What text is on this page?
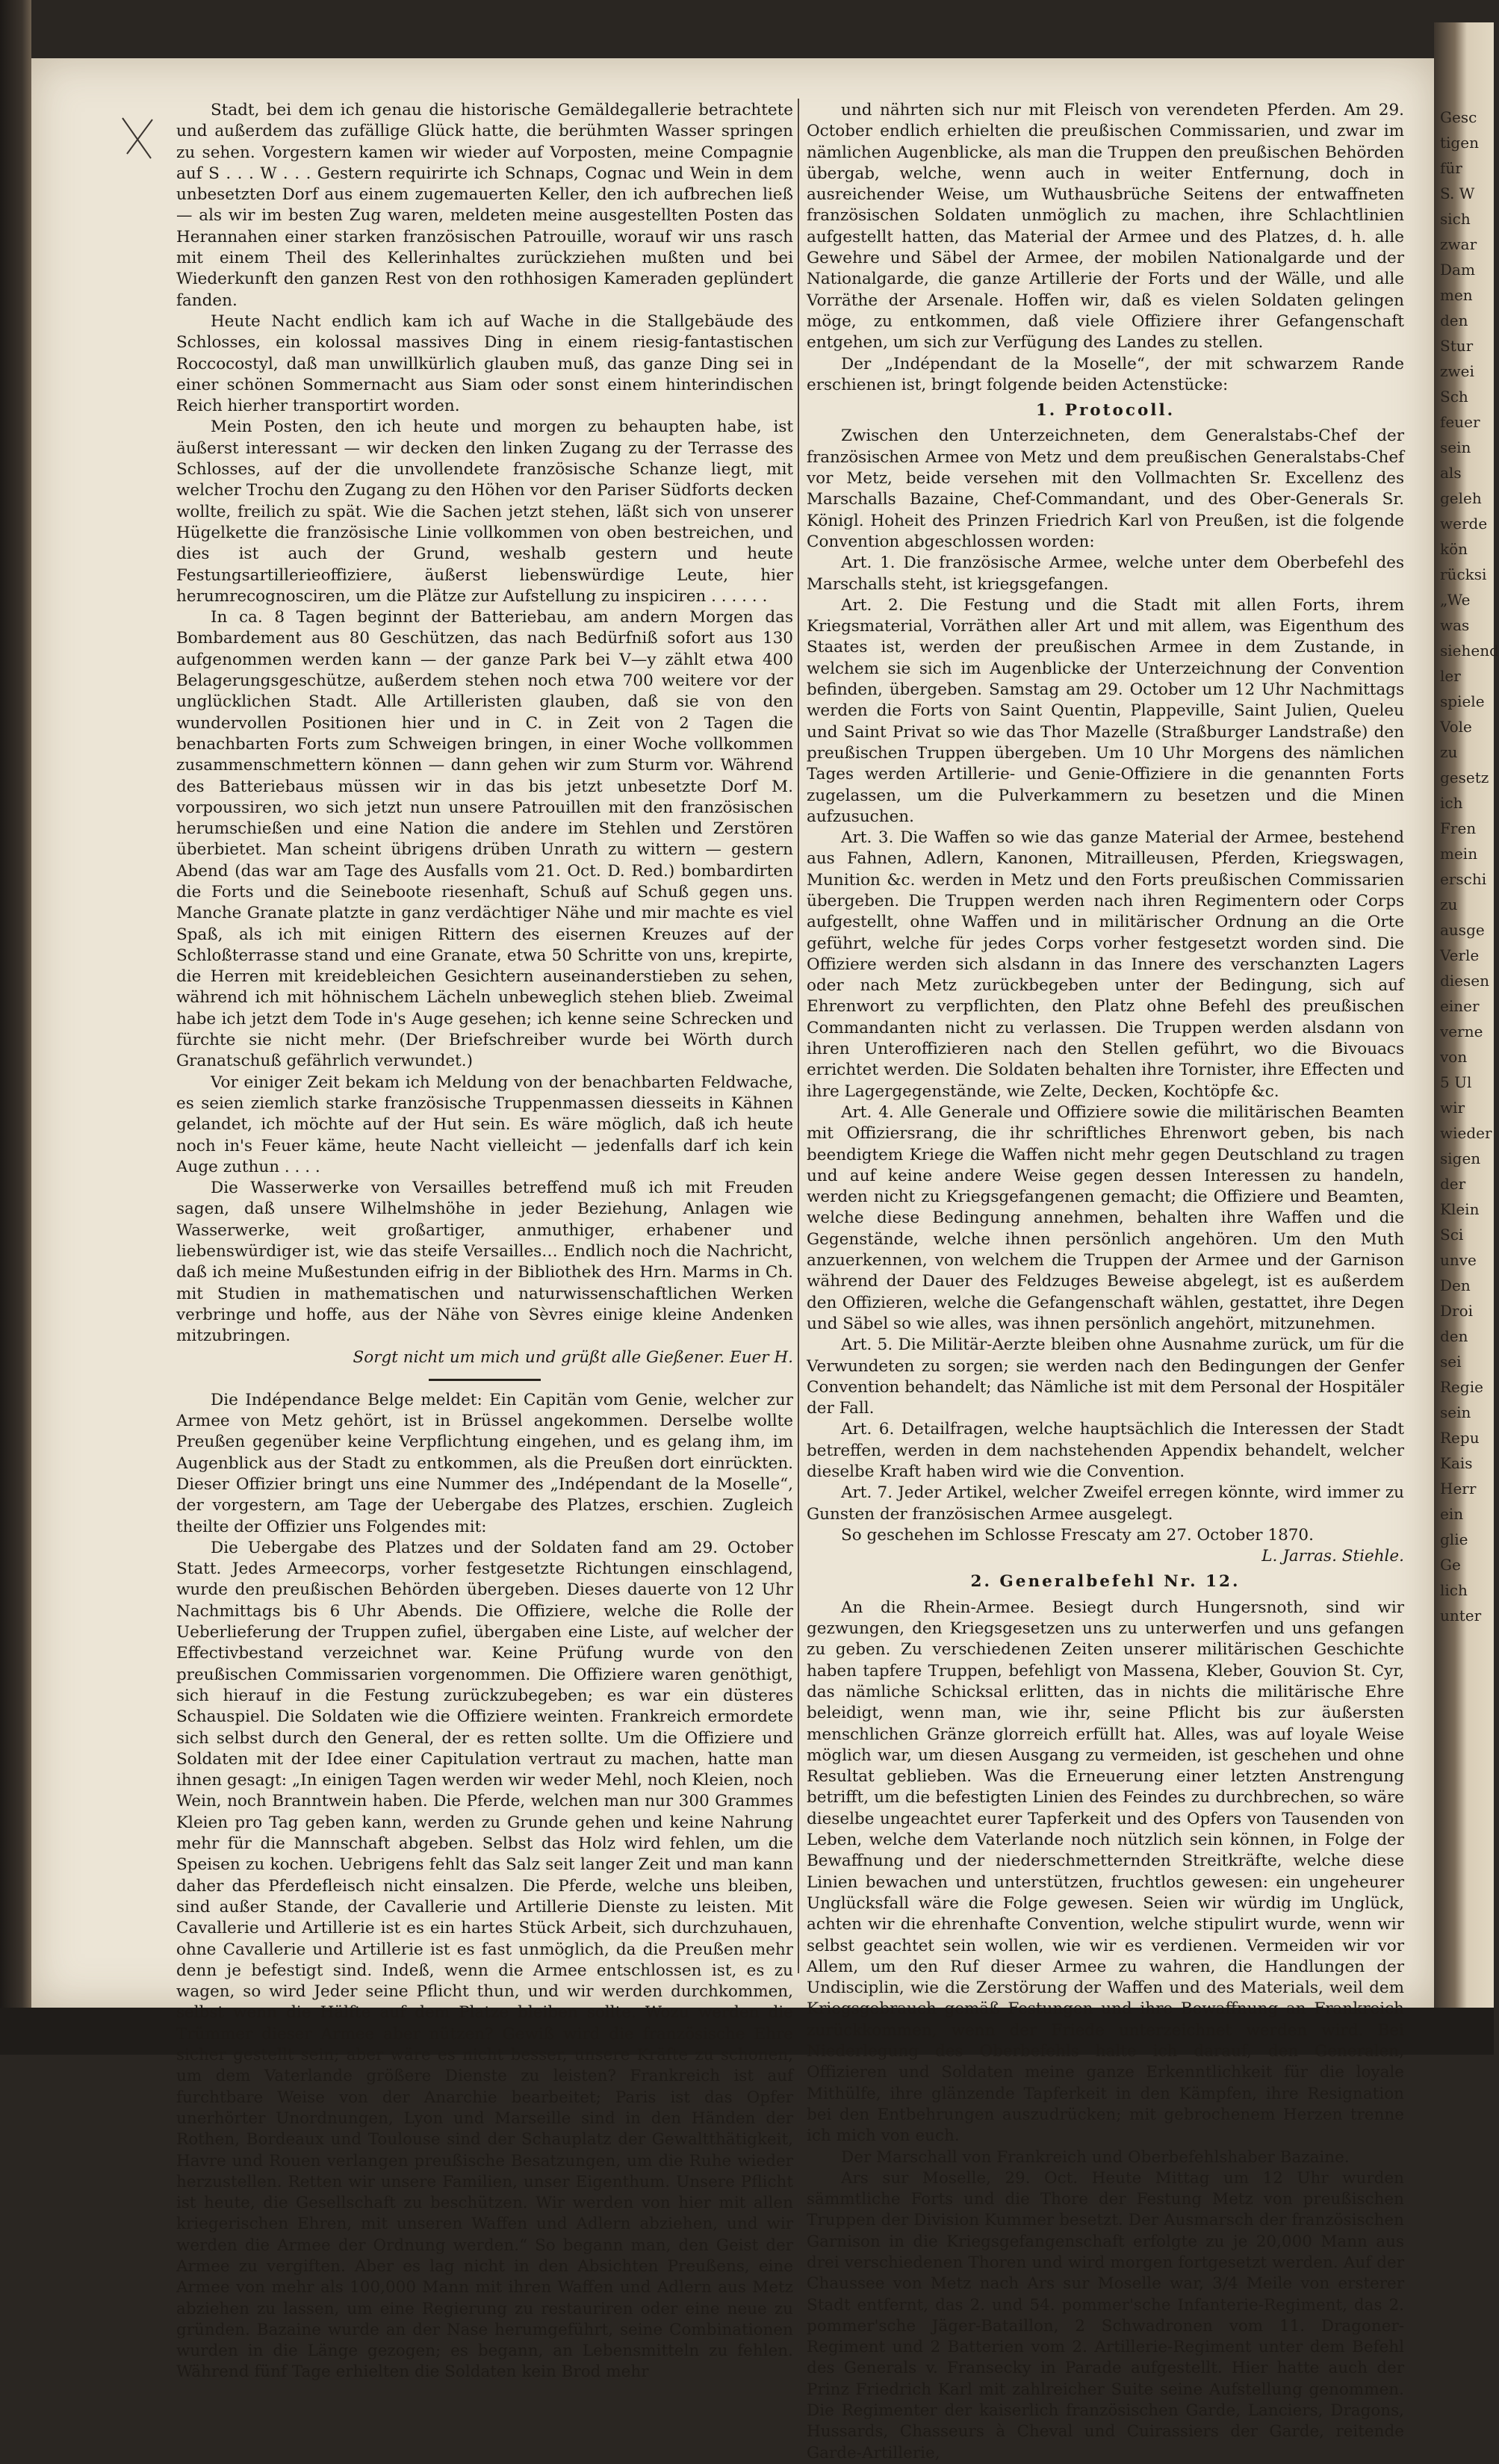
Stadt, bei dem ich genau die historische Gemäldegallerie betrachtete und außerdem das zufällige Glück hatte, die berühmten Wasser springen zu sehen. Vorgestern kamen wir wieder auf Vorposten, meine Compagnie auf S . . . W . . . Gestern requirirte ich Schnaps, Cognac und Wein in dem unbesetzten Dorf aus einem zugemauerten Keller, den ich aufbrechen ließ — als wir im besten Zug waren, meldeten meine ausgestellten Posten das Herannahen einer starken französischen Patrouille, worauf wir uns rasch mit einem Theil des Kellerinhaltes zurückziehen mußten und bei Wiederkunft den ganzen Rest von den rothhosigen Kameraden geplündert fanden.

Heute Nacht endlich kam ich auf Wache in die Stallgebäude des Schlosses, ein kolossal massives Ding in einem riesig-fantastischen Roccocostyl, daß man unwillkürlich glauben muß, das ganze Ding sei in einer schönen Sommernacht aus Siam oder sonst einem hinterindischen Reich hierher transportirt worden.

Mein Posten, den ich heute und morgen zu behaupten habe, ist äußerst interessant — wir decken den linken Zugang zu der Terrasse des Schlosses, auf der die unvollendete französische Schanze liegt, mit welcher Trochu den Zugang zu den Höhen vor den Pariser Südforts decken wollte, freilich zu spät. Wie die Sachen jetzt stehen, läßt sich von unserer Hügelkette die französische Linie vollkommen von oben bestreichen, und dies ist auch der Grund, weshalb gestern und heute Festungsartillerieoffiziere, äußerst liebenswürdige Leute, hier herumrecognosciren, um die Plätze zur Aufstellung zu inspiciren . . . . . .

In ca. 8 Tagen beginnt der Batteriebau, am andern Morgen das Bombardement aus 80 Geschützen, das nach Bedürfniß sofort aus 130 aufgenommen werden kann — der ganze Park bei V—y zählt etwa 400 Belagerungsgeschütze, außerdem stehen noch etwa 700 weitere vor der unglücklichen Stadt. Alle Artilleristen glauben, daß sie von den wundervollen Positionen hier und in C. in Zeit von 2 Tagen die benachbarten Forts zum Schweigen bringen, in einer Woche vollkommen zusammenschmettern können — dann gehen wir zum Sturm vor. Während des Batteriebaus müssen wir in das bis jetzt unbesetzte Dorf M. vorpoussiren, wo sich jetzt nun unsere Patrouillen mit den französischen herumschießen und eine Nation die andere im Stehlen und Zerstören überbietet. Man scheint übrigens drüben Unrath zu wittern — gestern Abend (das war am Tage des Ausfalls vom 21. Oct. D. Red.) bombardirten die Forts und die Seineboote riesenhaft, Schuß auf Schuß gegen uns. Manche Granate platzte in ganz verdächtiger Nähe und mir machte es viel Spaß, als ich mit einigen Rittern des eisernen Kreuzes auf der Schloßterrasse stand und eine Granate, etwa 50 Schritte von uns, krepirte, die Herren mit kreidebleichen Gesichtern auseinanderstieben zu sehen, während ich mit höhnischem Lächeln unbeweglich stehen blieb. Zweimal habe ich jetzt dem Tode in's Auge gesehen; ich kenne seine Schrecken und fürchte sie nicht mehr. (Der Briefschreiber wurde bei Wörth durch Granatschuß gefährlich verwundet.)

Vor einiger Zeit bekam ich Meldung von der benachbarten Feldwache, es seien ziemlich starke französische Truppenmassen diesseits in Kähnen gelandet, ich möchte auf der Hut sein. Es wäre möglich, daß ich heute noch in's Feuer käme, heute Nacht vielleicht — jedenfalls darf ich kein Auge zuthun . . . .

Die Wasserwerke von Versailles betreffend muß ich mit Freuden sagen, daß unsere Wilhelmshöhe in jeder Beziehung, Anlagen wie Wasserwerke, weit großartiger, anmuthiger, erhabener und liebenswürdiger ist, wie das steife Versailles… Endlich noch die Nachricht, daß ich meine Mußestunden eifrig in der Bibliothek des Hrn. Marms in Ch. mit Studien in mathematischen und naturwissenschaftlichen Werken verbringe und hoffe, aus der Nähe von Sèvres einige kleine Andenken mitzubringen.

Sorgt nicht um mich und grüßt alle Gießener. Euer H.

Die Indépendance Belge meldet: Ein Capitän vom Genie, welcher zur Armee von Metz gehört, ist in Brüssel angekommen. Derselbe wollte Preußen gegenüber keine Verpflichtung eingehen, und es gelang ihm, im Augenblick aus der Stadt zu entkommen, als die Preußen dort einrückten. Dieser Offizier bringt uns eine Nummer des „Indépendant de la Moselle“, der vorgestern, am Tage der Uebergabe des Platzes, erschien. Zugleich theilte der Offizier uns Folgendes mit:

Die Uebergabe des Platzes und der Soldaten fand am 29. October Statt. Jedes Armeecorps, vorher festgesetzte Richtungen einschlagend, wurde den preußischen Behörden übergeben. Dieses dauerte von 12 Uhr Nachmittags bis 6 Uhr Abends. Die Offiziere, welche die Rolle der Ueberlieferung der Truppen zufiel, übergaben eine Liste, auf welcher der Effectivbestand verzeichnet war. Keine Prüfung wurde von den preußischen Commissarien vorgenommen. Die Offiziere waren genöthigt, sich hierauf in die Festung zurückzubegeben; es war ein düsteres Schauspiel. Die Soldaten wie die Offiziere weinten. Frankreich ermordete sich selbst durch den General, der es retten sollte. Um die Offiziere und Soldaten mit der Idee einer Capitulation vertraut zu machen, hatte man ihnen gesagt: „In einigen Tagen werden wir weder Mehl, noch Kleien, noch Wein, noch Branntwein haben. Die Pferde, welchen man nur 300 Grammes Kleien pro Tag geben kann, werden zu Grunde gehen und keine Nahrung mehr für die Mannschaft abgeben. Selbst das Holz wird fehlen, um die Speisen zu kochen. Uebrigens fehlt das Salz seit langer Zeit und man kann daher das Pferdefleisch nicht einsalzen. Die Pferde, welche uns bleiben, sind außer Stande, der Cavallerie und Artillerie Dienste zu leisten. Mit Cavallerie und Artillerie ist es ein hartes Stück Arbeit, sich durchzuhauen, ohne Cavallerie und Artillerie ist es fast unmöglich, da die Preußen mehr denn je befestigt sind. Indeß, wenn die Armee entschlossen ist, es zu wagen, so wird Jeder seine Pflicht thun, und wir werden durchkommen, selbst wenn die Hälfte auf dem Platze bleiben sollte. Wozu werden die Trümmer dieser Armee aber nützen? Gewiß wird die französische Ehre sicher gestellt sein; aber wäre es nicht besser, unsere Kräfte zu schonen, um dem Vaterlande größere Dienste zu leisten? Frankreich ist auf furchtbare Weise von der Anarchie bearbeitet; Paris ist das Opfer unerhörter Unordnungen, Lyon und Marseille sind in den Händen der Rothen, Bordeaux und Toulouse sind der Schauplatz der Gewaltthätigkeit, Havre und Rouen verlangen preußische Besatzungen, um die Ruhe wieder herzustellen. Retten wir unsere Familien, unser Eigenthum. Unsere Pflicht ist heute, die Gesellschaft zu beschützen. Wir werden von hier mit allen kriegerischen Ehren, mit unseren Waffen und Adlern abziehen, und wir werden die Armee der Ordnung werden.“ So begann man, den Geist der Armee zu vergiften. Aber es lag nicht in den Absichten Preußens, eine Armee von mehr als 100,000 Mann mit ihren Waffen und Adlern aus Metz abziehen zu lassen, um eine Regierung zu restauriren oder eine neue zu gründen. Bazaine wurde an der Nase herumgeführt, seine Combinationen wurden in die Länge gezogen; es begann, an Lebensmitteln zu fehlen. Während fünf Tage erhielten die Soldaten kein Brod mehr

und nährten sich nur mit Fleisch von verendeten Pferden. Am 29. October endlich erhielten die preußischen Commissarien, und zwar im nämlichen Augenblicke, als man die Truppen den preußischen Behörden übergab, welche, wenn auch in weiter Entfernung, doch in ausreichender Weise, um Wuthausbrüche Seitens der entwaffneten französischen Soldaten unmöglich zu machen, ihre Schlachtlinien aufgestellt hatten, das Material der Armee und des Platzes, d. h. alle Gewehre und Säbel der Armee, der mobilen Nationalgarde und der Nationalgarde, die ganze Artillerie der Forts und der Wälle, und alle Vorräthe der Arsenale. Hoffen wir, daß es vielen Soldaten gelingen möge, zu entkommen, daß viele Offiziere ihrer Gefangenschaft entgehen, um sich zur Verfügung des Landes zu stellen.

Der „Indépendant de la Moselle“, der mit schwarzem Rande erschienen ist, bringt folgende beiden Actenstücke:

1. Protocoll.

Zwischen den Unterzeichneten, dem Generalstabs-Chef der französischen Armee von Metz und dem preußischen Generalstabs-Chef vor Metz, beide versehen mit den Vollmachten Sr. Excellenz des Marschalls Bazaine, Chef-Commandant, und des Ober-Generals Sr. Königl. Hoheit des Prinzen Friedrich Karl von Preußen, ist die folgende Convention abgeschlossen worden:

Art. 1. Die französische Armee, welche unter dem Oberbefehl des Marschalls steht, ist kriegsgefangen.

Art. 2. Die Festung und die Stadt mit allen Forts, ihrem Kriegsmaterial, Vorräthen aller Art und mit allem, was Eigenthum des Staates ist, werden der preußischen Armee in dem Zustande, in welchem sie sich im Augenblicke der Unterzeichnung der Convention befinden, übergeben. Samstag am 29. October um 12 Uhr Nachmittags werden die Forts von Saint Quentin, Plappeville, Saint Julien, Queleu und Saint Privat so wie das Thor Mazelle (Straßburger Landstraße) den preußischen Truppen übergeben. Um 10 Uhr Morgens des nämlichen Tages werden Artillerie- und Genie-Offiziere in die genannten Forts zugelassen, um die Pulverkammern zu besetzen und die Minen aufzusuchen.

Art. 3. Die Waffen so wie das ganze Material der Armee, bestehend aus Fahnen, Adlern, Kanonen, Mitrailleusen, Pferden, Kriegswagen, Munition &c. werden in Metz und den Forts preußischen Commissarien übergeben. Die Truppen werden nach ihren Regimentern oder Corps aufgestellt, ohne Waffen und in militärischer Ordnung an die Orte geführt, welche für jedes Corps vorher festgesetzt worden sind. Die Offiziere werden sich alsdann in das Innere des verschanzten Lagers oder nach Metz zurückbegeben unter der Bedingung, sich auf Ehrenwort zu verpflichten, den Platz ohne Befehl des preußischen Commandanten nicht zu verlassen. Die Truppen werden alsdann von ihren Unteroffizieren nach den Stellen geführt, wo die Bivouacs errichtet werden. Die Soldaten behalten ihre Tornister, ihre Effecten und ihre Lagergegenstände, wie Zelte, Decken, Kochtöpfe &c.

Art. 4. Alle Generale und Offiziere sowie die militärischen Beamten mit Offiziersrang, die ihr schriftliches Ehrenwort geben, bis nach beendigtem Kriege die Waffen nicht mehr gegen Deutschland zu tragen und auf keine andere Weise gegen dessen Interessen zu handeln, werden nicht zu Kriegsgefangenen gemacht; die Offiziere und Beamten, welche diese Bedingung annehmen, behalten ihre Waffen und die Gegenstände, welche ihnen persönlich angehören. Um den Muth anzuerkennen, von welchem die Truppen der Armee und der Garnison während der Dauer des Feldzuges Beweise abgelegt, ist es außerdem den Offizieren, welche die Gefangenschaft wählen, gestattet, ihre Degen und Säbel so wie alles, was ihnen persönlich angehört, mitzunehmen.

Art. 5. Die Militär-Aerzte bleiben ohne Ausnahme zurück, um für die Verwundeten zu sorgen; sie werden nach den Bedingungen der Genfer Convention behandelt; das Nämliche ist mit dem Personal der Hospitäler der Fall.

Art. 6. Detailfragen, welche hauptsächlich die Interessen der Stadt betreffen, werden in dem nachstehenden Appendix behandelt, welcher dieselbe Kraft haben wird wie die Convention.

Art. 7. Jeder Artikel, welcher Zweifel erregen könnte, wird immer zu Gunsten der französischen Armee ausgelegt.

So geschehen im Schlosse Frescaty am 27. October 1870.

L. Jarras. Stiehle.

2. Generalbefehl Nr. 12.

An die Rhein-Armee. Besiegt durch Hungersnoth, sind wir gezwungen, den Kriegsgesetzen uns zu unterwerfen und uns gefangen zu geben. Zu verschiedenen Zeiten unserer militärischen Geschichte haben tapfere Truppen, befehligt von Massena, Kleber, Gouvion St. Cyr, das nämliche Schicksal erlitten, das in nichts die militärische Ehre beleidigt, wenn man, wie ihr, seine Pflicht bis zur äußersten menschlichen Gränze glorreich erfüllt hat. Alles, was auf loyale Weise möglich war, um diesen Ausgang zu vermeiden, ist geschehen und ohne Resultat geblieben. Was die Erneuerung einer letzten Anstrengung betrifft, um die befestigten Linien des Feindes zu durchbrechen, so wäre dieselbe ungeachtet eurer Tapferkeit und des Opfers von Tausenden von Leben, welche dem Vaterlande noch nützlich sein können, in Folge der Bewaffnung und der niederschmetternden Streitkräfte, welche diese Linien bewachen und unterstützen, fruchtlos gewesen: ein ungeheurer Unglücksfall wäre die Folge gewesen. Seien wir würdig im Unglück, achten wir die ehrenhafte Convention, welche stipulirt wurde, wenn wir selbst geachtet sein wollen, wie wir es verdienen. Vermeiden wir vor Allem, um den Ruf dieser Armee zu wahren, die Handlungen der Undisciplin, wie die Zerstörung der Waffen und des Materials, weil dem Kriegsgebrauch gemäß Festungen und ihre Bewaffnung an Frankreich zurückkommen, wenn der Friede unterzeichnet werden wird. Bei Niederlegung des Oberbefehls halte ich darauf, den Generalen, Offizieren und Soldaten meine ganze Erkenntlichkeit für die loyale Mithülfe, ihre glänzende Tapferkeit in den Kämpfen, ihre Resignation bei den Entbehrungen auszudrücken; mit gebrochenem Herzen trenne ich mich von euch.

Der Marschall von Frankreich und Oberbefehlshaber Bazaine.

Ars sur Moselle, 29. Oct. Heute Mittag um 12 Uhr wurden sämmtliche Forts und die Thore der Festung Metz von preußischen Truppen der Division Kummer besetzt. Der Ausmarsch der französischen Garnison in die Kriegsgefangenschaft erfolgte zu je 20,000 Mann aus drei verschiedenen Thoren und wird morgen fortgesetzt werden. Auf der Chaussee von Metz nach Ars sur Moselle war, 3/4 Meile von ersterer Stadt entfernt, das 2. und 54. pommer'sche Infanterie-Regiment, das 2. pommer'sche Jäger-Bataillon, 2 Schwadronen vom 11. Dragoner-Regiment und 2 Batterien vom 2. Artillerie-Regiment unter dem Befehl des Generals v. Fransecky in Parade aufgestellt. Hier hatte auch der Prinz Friedrich Karl mit zahlreicher Suite seine Aufstellung genommen. Die Regimenter der kaiserlich französischen Garde, Lanciers, Dragons, Hussards, Chasseurs à Cheval und Cuirassiers der Garde, reitende Garde-Artillerie,

Gesc
tigen
für
S. W
sich
zwar
Dam
men
den
Stur
zwei
Sch
feuer
sein
als
geleh
werde
kön
rücksi
„We
was
siehend
ler
spiele
Vole
zu
gesetz
ich
Fren
mein
erschi
zu
ausge
Verle
diesen
einer
verne
von
5 Ul
wir
wieder
sigen
der
Klein
Sci
unve
Den
Droi
den
sei
Regie
sein
Repu
Kais
Herr
ein
glie
Ge
lich
unter
